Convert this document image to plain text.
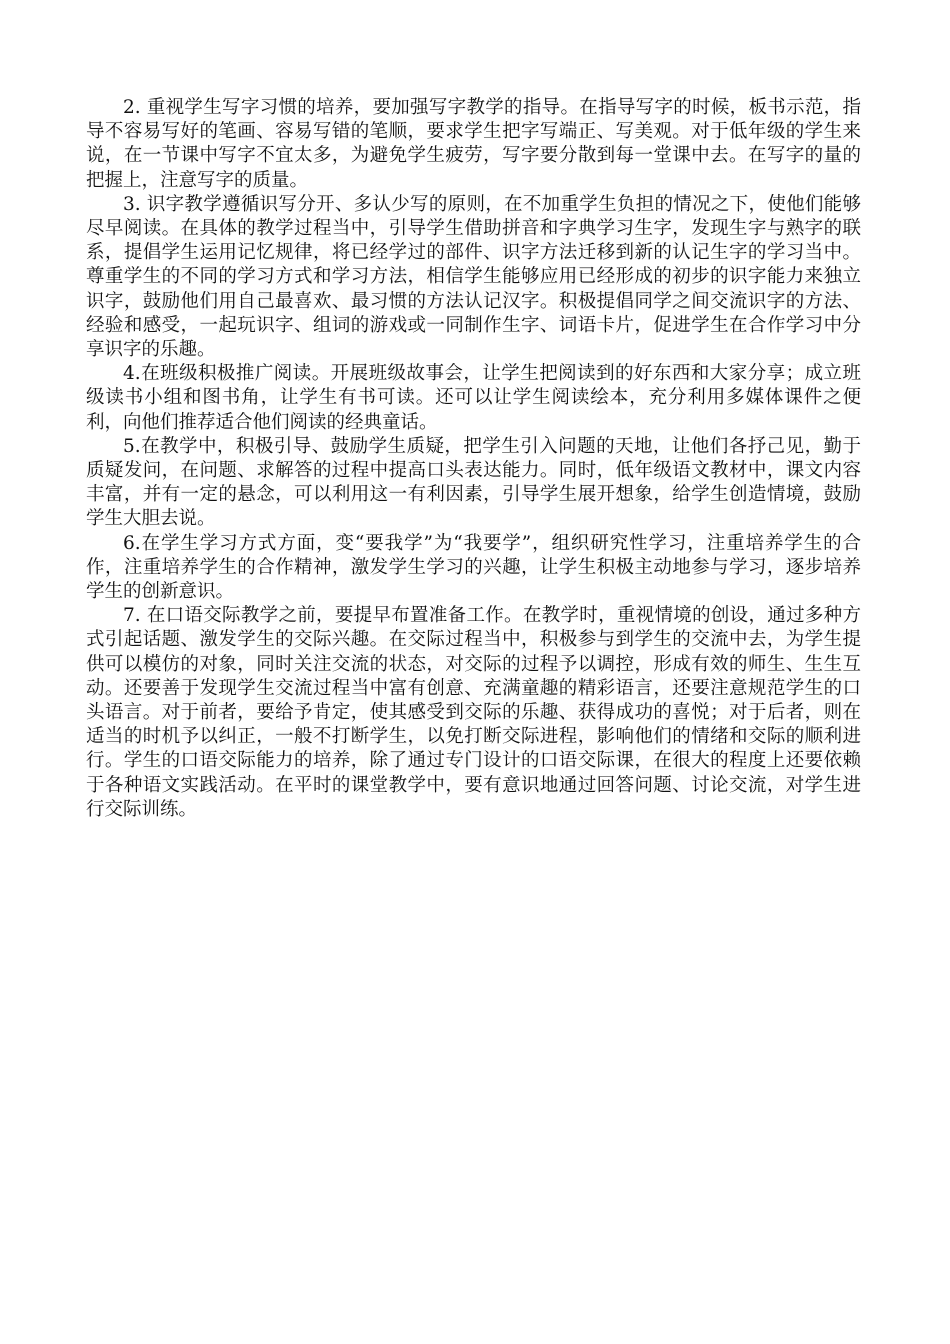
2. 重视学生写字习惯的培养，要加强写字教学的指导。在指导写字的时候，板书示范，指导不容易写好的笔画、容易写错的笔顺，要求学生把字写端正、写美观。对于低年级的学生来说，在一节课中写字不宜太多，为避免学生疲劳，写字要分散到每一堂课中去。在写字的量的把握上，注意写字的质量。

3. 识字教学遵循识写分开、多认少写的原则，在不加重学生负担的情况之下，使他们能够尽早阅读。在具体的教学过程当中，引导学生借助拼音和字典学习生字，发现生字与熟字的联系，提倡学生运用记忆规律，将已经学过的部件、识字方法迁移到新的认记生字的学习当中。尊重学生的不同的学习方式和学习方法，相信学生能够应用已经形成的初步的识字能力来独立识字，鼓励他们用自己最喜欢、最习惯的方法认记汉字。积极提倡同学之间交流识字的方法、经验和感受，一起玩识字、组词的游戏或一同制作生字、词语卡片，促进学生在合作学习中分享识字的乐趣。

4.在班级积极推广阅读。开展班级故事会，让学生把阅读到的好东西和大家分享；成立班级读书小组和图书角，让学生有书可读。还可以让学生阅读绘本，充分利用多媒体课件之便利，向他们推荐适合他们阅读的经典童话。

5.在教学中，积极引导、鼓励学生质疑，把学生引入问题的天地，让他们各抒己见，勤于质疑发问，在问题、求解答的过程中提高口头表达能力。同时，低年级语文教材中，课文内容丰富，并有一定的悬念，可以利用这一有利因素，引导学生展开想象，给学生创造情境，鼓励学生大胆去说。

6.在学生学习方式方面，变“要我学”为“我要学”，组织研究性学习，注重培养学生的合作，注重培养学生的合作精神，激发学生学习的兴趣，让学生积极主动地参与学习，逐步培养学生的创新意识。

7. 在口语交际教学之前，要提早布置准备工作。在教学时，重视情境的创设，通过多种方式引起话题、激发学生的交际兴趣。在交际过程当中，积极参与到学生的交流中去，为学生提供可以模仿的对象，同时关注交流的状态，对交际的过程予以调控，形成有效的师生、生生互动。还要善于发现学生交流过程当中富有创意、充满童趣的精彩语言，还要注意规范学生的口头语言。对于前者，要给予肯定，使其感受到交际的乐趣、获得成功的喜悦；对于后者，则在适当的时机予以纠正，一般不打断学生，以免打断交际进程，影响他们的情绪和交际的顺利进行。学生的口语交际能力的培养，除了通过专门设计的口语交际课，在很大的程度上还要依赖于各种语文实践活动。在平时的课堂教学中，要有意识地通过回答问题、讨论交流，对学生进行交际训练。
